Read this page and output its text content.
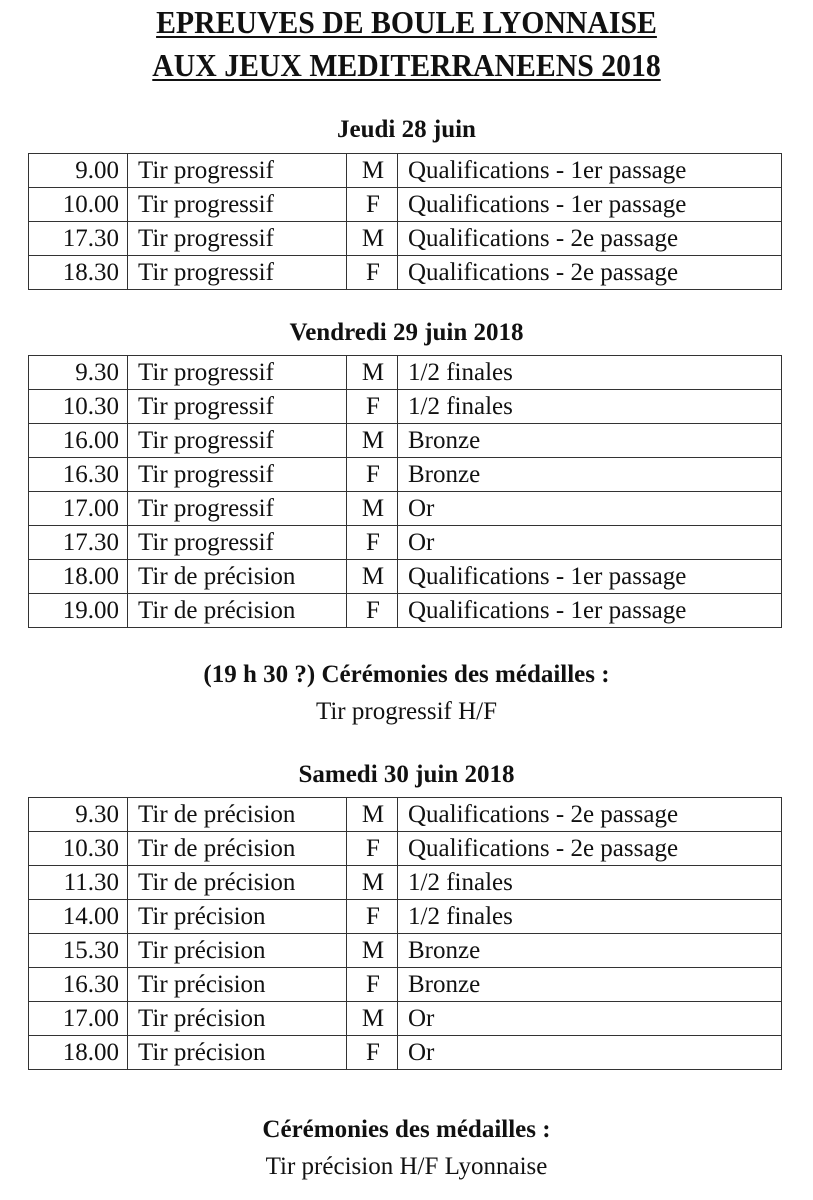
EPREUVES DE BOULE LYONNAISE
AUX JEUX MEDITERRANEENS 2018
Jeudi 28 juin
9.00	Tir progressif	M	Qualifications - 1er passage
10.00	Tir progressif	F	Qualifications - 1er passage
17.30	Tir progressif	M	Qualifications - 2e passage
18.30	Tir progressif	F	Qualifications - 2e passage
Vendredi 29 juin 2018
9.30	Tir progressif	M	1/2 finales
10.30	Tir progressif	F	1/2 finales
16.00	Tir progressif	M	Bronze
16.30	Tir progressif	F	Bronze
17.00	Tir progressif	M	Or
17.30	Tir progressif	F	Or
18.00	Tir de précision	M	Qualifications - 1er passage
19.00	Tir de précision	F	Qualifications - 1er passage
(19 h 30 ?) Cérémonies des médailles :
Tir progressif H/F
Samedi 30 juin 2018
9.30	Tir de précision	M	Qualifications - 2e passage
10.30	Tir de précision	F	Qualifications - 2e passage
11.30	Tir de précision	M	1/2 finales
14.00	Tir précision	F	1/2 finales
15.30	Tir précision	M	Bronze
16.30	Tir précision	F	Bronze
17.00	Tir précision	M	Or
18.00	Tir précision	F	Or
Cérémonies des médailles :
Tir précision H/F Lyonnaise
